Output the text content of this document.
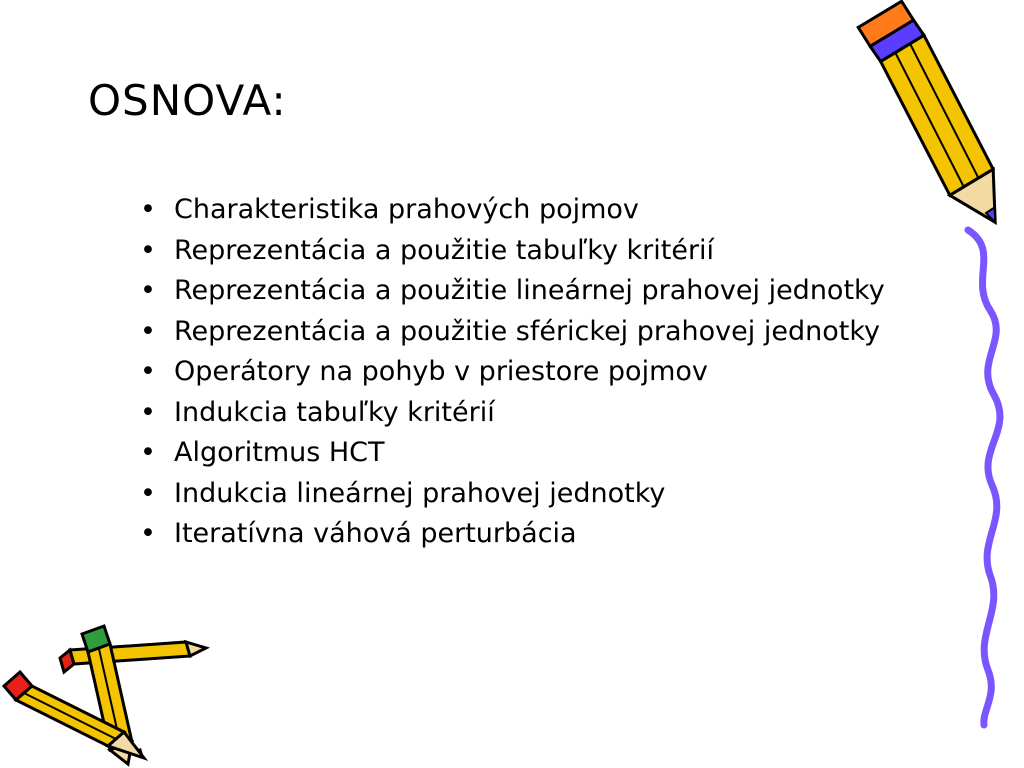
OSNOVA:
• Charakteristika prahových pojmov
• Reprezentácia a použitie tabuľky kritérií
• Reprezentácia a použitie lineárnej prahovej jednotky
• Reprezentácia a použitie sférickej prahovej jednotky
• Operátory na pohyb v priestore pojmov
• Indukcia tabuľky kritérií
• Algoritmus HCT
• Indukcia lineárnej prahovej jednotky
• Iteratívna váhová perturbácia
